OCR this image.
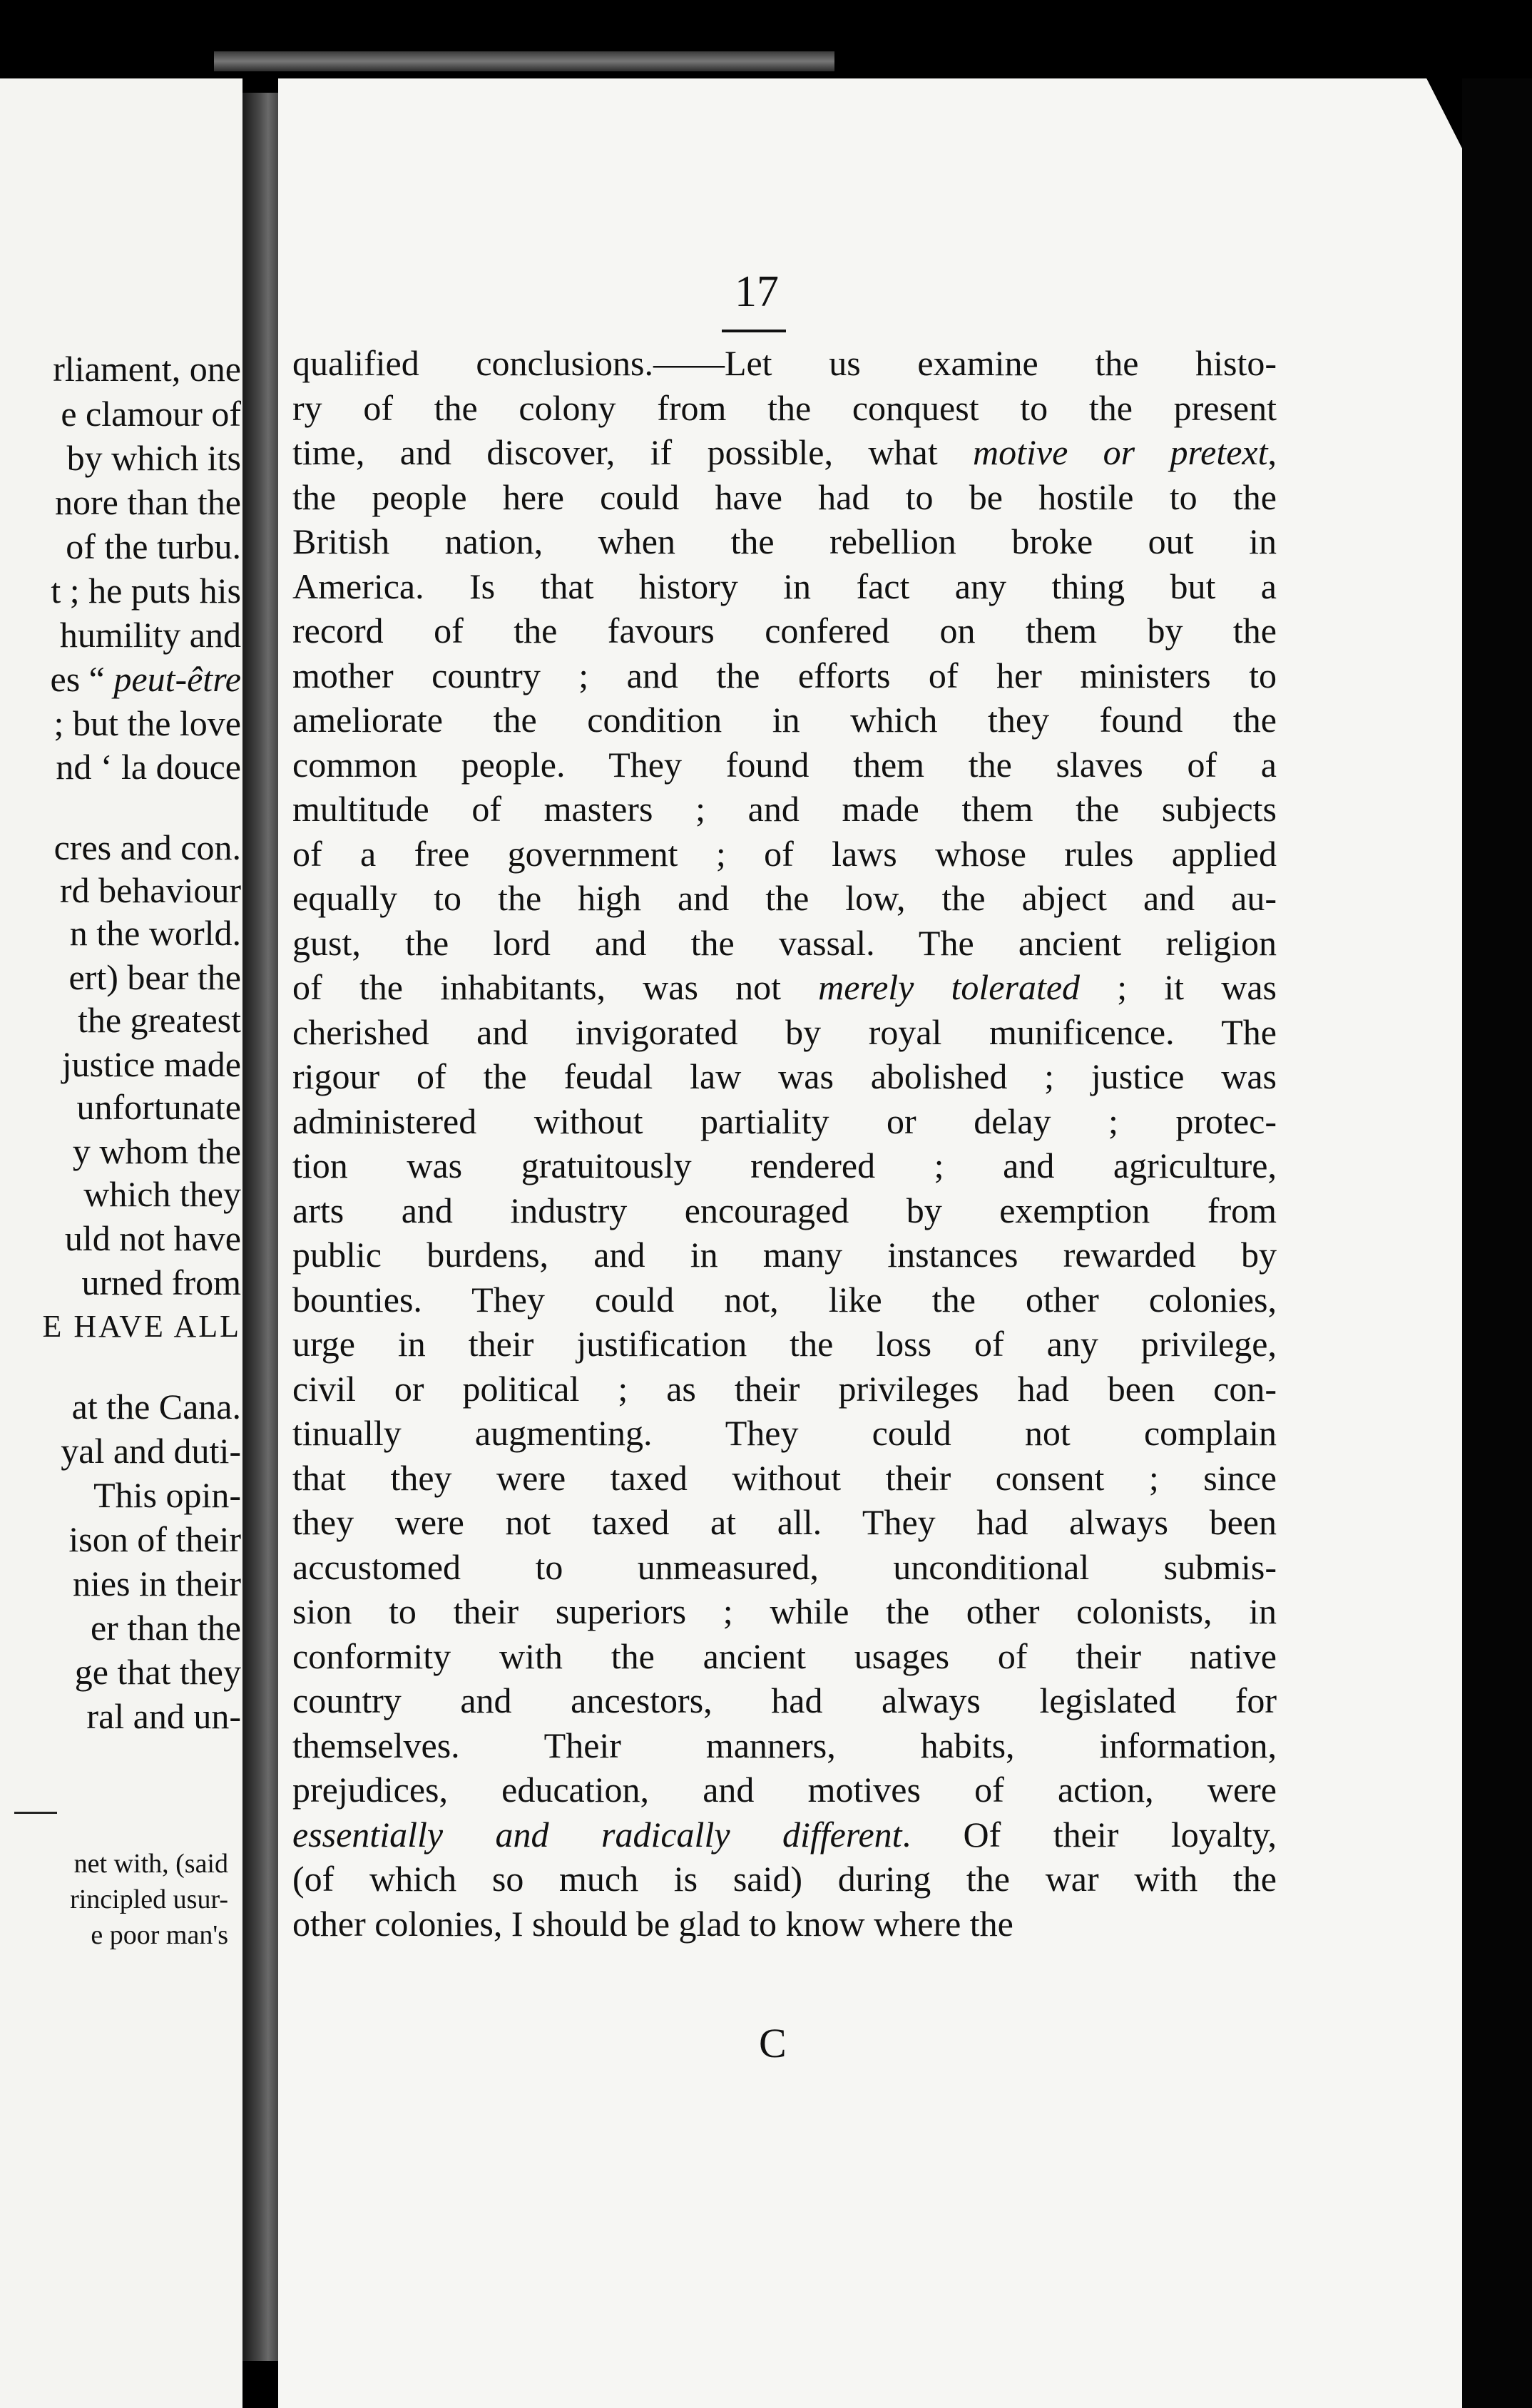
rliament, one
e clamour of
by which its
nore than the
of the turbu.
t ; he puts his
humility and
es “ peut-être
; but the love
nd ‘ la douce
cres and con.
rd behaviour
n the world.
ert) bear the
the greatest
justice made
unfortunate
y whom the
which they
uld not have
urned from
E HAVE ALL
at the Cana.
yal and duti-
This opin-
ison of their
nies in their
er than the
ge that they
ral and un-
net with, (said
rincipled usur-
e poor man's
17
qualified conclusions.——Let us examine the histo-
ry of the colony from the conquest to the present
time, and discover, if possible, what motive or pretext,
the people here could have had to be hostile to the
British nation, when the rebellion broke out in
America. Is that history in fact any thing but a
record of the favours confered on them by the
mother country ; and the efforts of her ministers to
ameliorate the condition in which they found the
common people. They found them the slaves of a
multitude of masters ; and made them the subjects
of a free government ; of laws whose rules applied
equally to the high and the low, the abject and au-
gust, the lord and the vassal. The ancient religion
of the inhabitants, was not merely tolerated ; it was
cherished and invigorated by royal munificence. The
rigour of the feudal law was abolished ; justice was
administered without partiality or delay ; protec-
tion was gratuitously rendered ; and agriculture,
arts and industry encouraged by exemption from
public burdens, and in many instances rewarded by
bounties. They could not, like the other colonies,
urge in their justification the loss of any privilege,
civil or political ; as their privileges had been con-
tinually augmenting. They could not complain
that they were taxed without their consent ; since
they were not taxed at all. They had always been
accustomed to unmeasured, unconditional submis-
sion to their superiors ; while the other colonists, in
conformity with the ancient usages of their native
country and ancestors, had always legislated for
themselves. Their manners, habits, information,
prejudices, education, and motives of action, were
essentially and radically different. Of their loyalty,
(of which so much is said) during the war with the
other colonies, I should be glad to know where the
C
